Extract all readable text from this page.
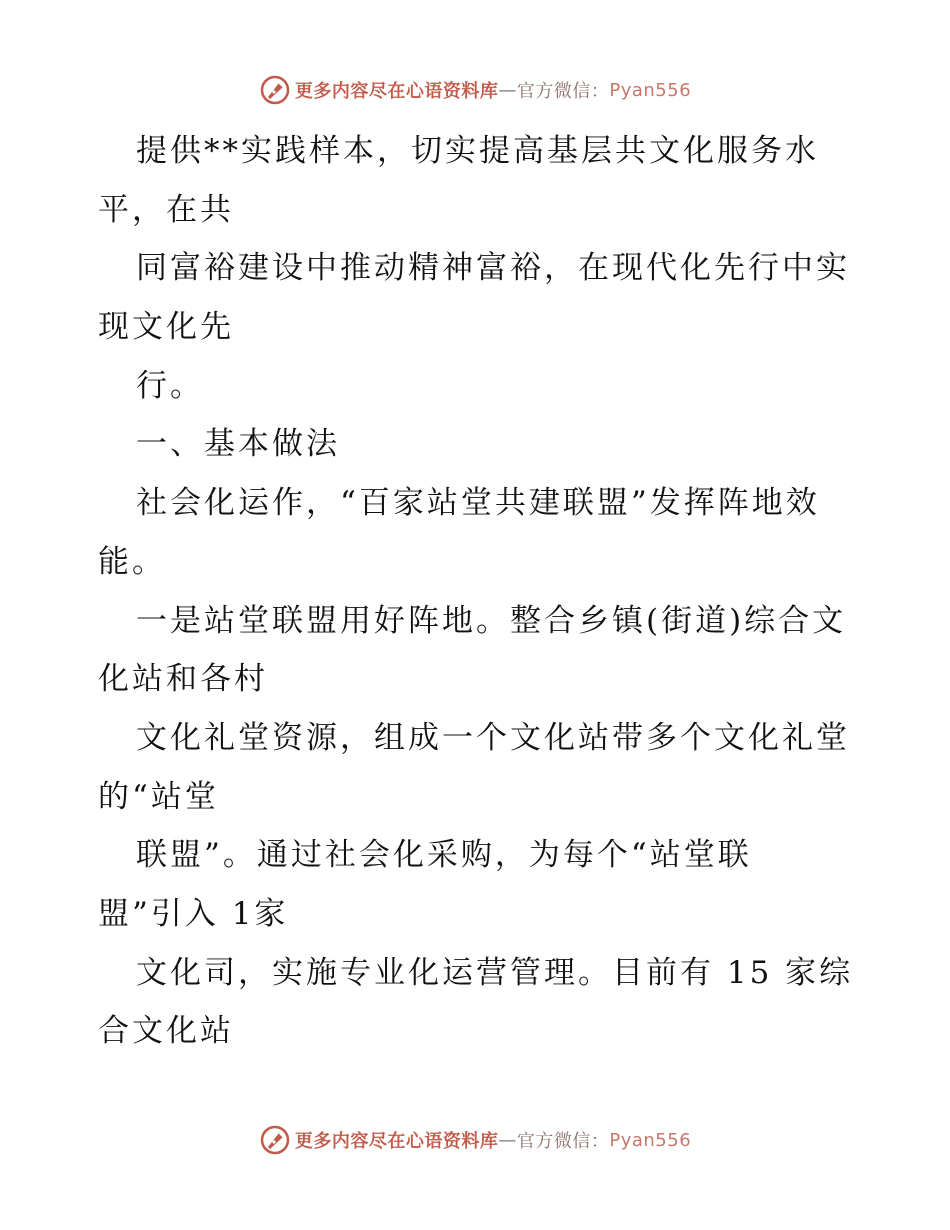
更多内容尽在心语资料库 — 官方微信： Pyan556
提供**实践样本，切实提高基层共文化服务水
平，在共
同富裕建设中推动精神富裕，在现代化先行中实
现文化先
行。
一、基本做法
社会化运作，“百家站堂共建联盟”发挥阵地效
能。
一是站堂联盟用好阵地。整合乡镇(街道)综合文
化站和各村
文化礼堂资源，组成一个文化站带多个文化礼堂
的“站堂
联盟”。通过社会化采购，为每个“站堂联
盟”引入 1家
文化司，实施专业化运营管理。目前有 15 家综
合文化站
更多内容尽在心语资料库 — 官方微信： Pyan556
